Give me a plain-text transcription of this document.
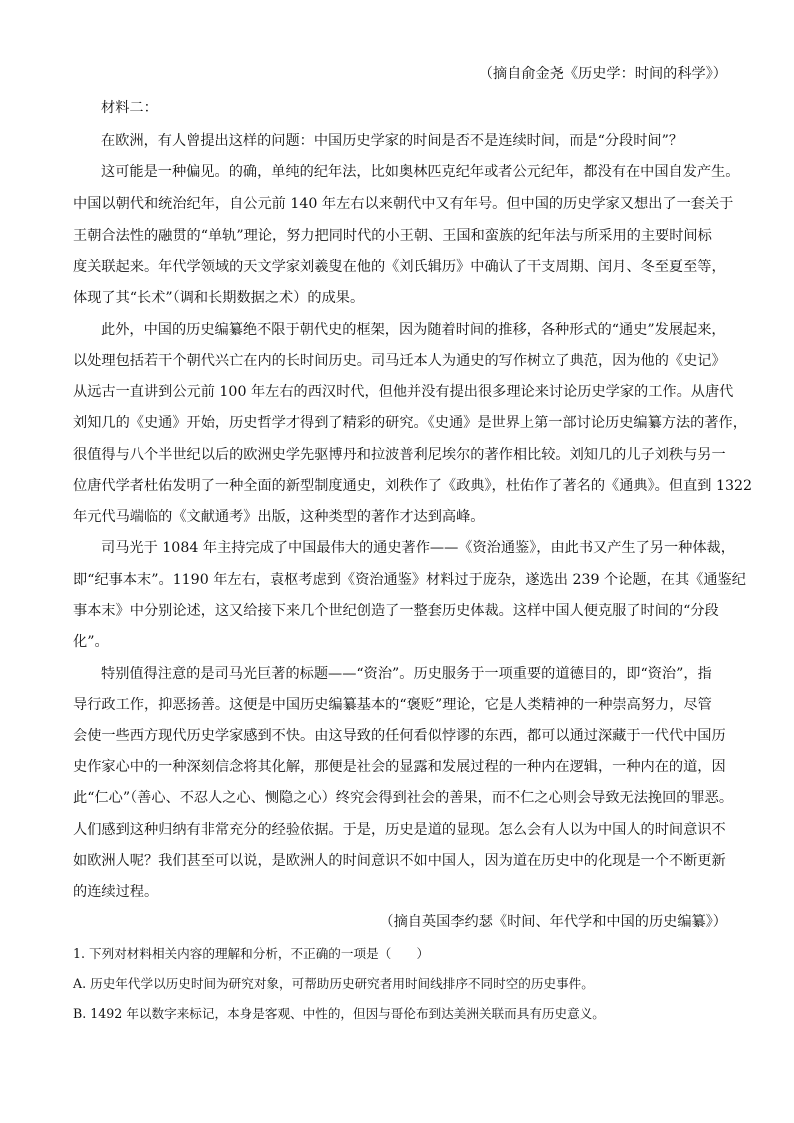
（摘自俞金尧《历史学：时间的科学》）
材料二：
在欧洲，有人曾提出这样的问题：中国历史学家的时间是否不是连续时间，而是“分段时间”？
这可能是一种偏见。的确，单纯的纪年法，比如奥林匹克纪年或者公元纪年，都没有在中国自发产生。
中国以朝代和统治纪年，自公元前 140 年左右以来朝代中又有年号。但中国的历史学家又想出了一套关于
王朝合法性的融贯的“单轨”理论，努力把同时代的小王朝、王国和蛮族的纪年法与所采用的主要时间标
度关联起来。年代学领域的天文学家刘羲叟在他的《刘氏辑历》中确认了干支周期、闰月、冬至夏至等，
体现了其“长术”（调和长期数据之术）的成果。
此外，中国的历史编纂绝不限于朝代史的框架，因为随着时间的推移，各种形式的“通史”发展起来，
以处理包括若干个朝代兴亡在内的长时间历史。司马迁本人为通史的写作树立了典范，因为他的《史记》
从远古一直讲到公元前 100 年左右的西汉时代，但他并没有提出很多理论来讨论历史学家的工作。从唐代
刘知几的《史通》开始，历史哲学才得到了精彩的研究。《史通》是世界上第一部讨论历史编纂方法的著作，
很值得与八个半世纪以后的欧洲史学先驱博丹和拉波普利尼埃尔的著作相比较。刘知几的儿子刘秩与另一
位唐代学者杜佑发明了一种全面的新型制度通史，刘秩作了《政典》，杜佑作了著名的《通典》。但直到 1322
年元代马端临的《文献通考》出版，这种类型的著作才达到高峰。
司马光于 1084 年主持完成了中国最伟大的通史著作——《资治通鉴》，由此书又产生了另一种体裁，
即“纪事本末”。1190 年左右，袁枢考虑到《资治通鉴》材料过于庞杂，遂选出 239 个论题，在其《通鉴纪
事本末》中分别论述，这又给接下来几个世纪创造了一整套历史体裁。这样中国人便克服了时间的“分段
化”。
特别值得注意的是司马光巨著的标题——“资治”。历史服务于一项重要的道德目的，即“资治”，指
导行政工作，抑恶扬善。这便是中国历史编纂基本的“褒贬”理论，它是人类精神的一种崇高努力，尽管
会使一些西方现代历史学家感到不快。由这导致的任何看似悖谬的东西，都可以通过深藏于一代代中国历
史作家心中的一种深刻信念将其化解，那便是社会的显露和发展过程的一种内在逻辑，一种内在的道，因
此“仁心”（善心、不忍人之心、恻隐之心）终究会得到社会的善果，而不仁之心则会导致无法挽回的罪恶。
人们感到这种归纳有非常充分的经验依据。于是，历史是道的显现。怎么会有人以为中国人的时间意识不
如欧洲人呢？我们甚至可以说，是欧洲人的时间意识不如中国人，因为道在历史中的化现是一个不断更新
的连续过程。
（摘自英国李约瑟《时间、年代学和中国的历史编纂》）
1. 下列对材料相关内容的理解和分析，不正确的一项是（　　）
A. 历史年代学以历史时间为研究对象，可帮助历史研究者用时间线排序不同时空的历史事件。
B. 1492 年以数字来标记，本身是客观、中性的，但因与哥伦布到达美洲关联而具有历史意义。
